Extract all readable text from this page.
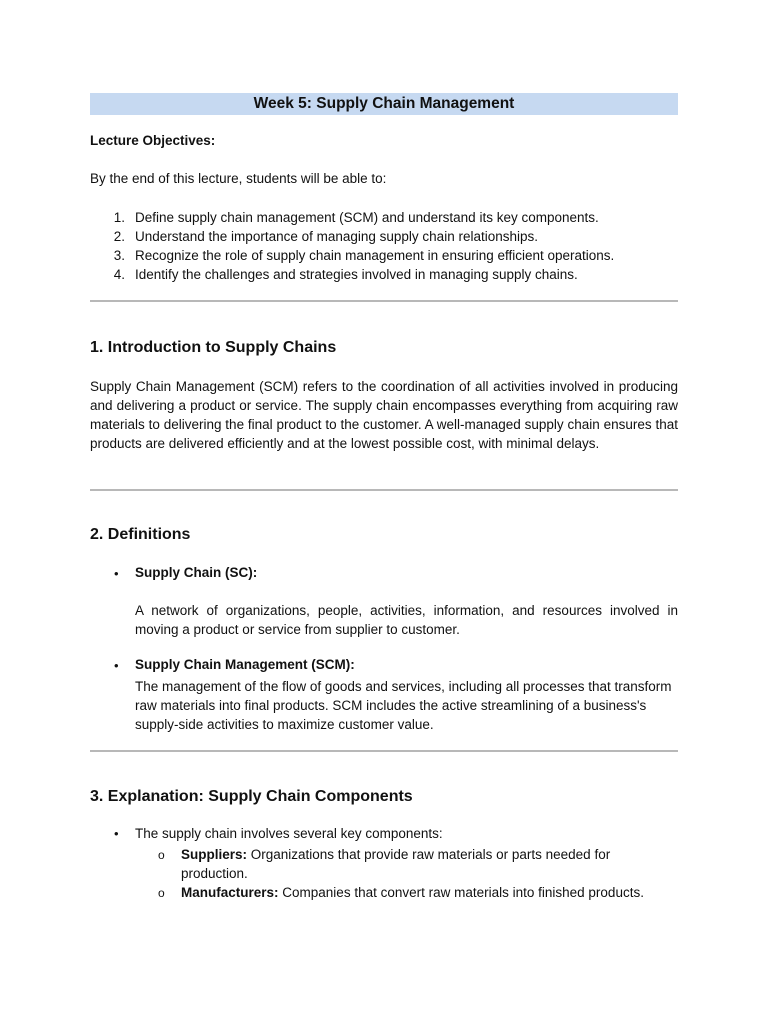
Week 5: Supply Chain Management
Lecture Objectives:
By the end of this lecture, students will be able to:
1. Define supply chain management (SCM) and understand its key components.
2. Understand the importance of managing supply chain relationships.
3. Recognize the role of supply chain management in ensuring efficient operations.
4. Identify the challenges and strategies involved in managing supply chains.
1. Introduction to Supply Chains
Supply Chain Management (SCM) refers to the coordination of all activities involved in producing and delivering a product or service. The supply chain encompasses everything from acquiring raw materials to delivering the final product to the customer. A well-managed supply chain ensures that products are delivered efficiently and at the lowest possible cost, with minimal delays.
2. Definitions
• Supply Chain (SC):
A network of organizations, people, activities, information, and resources involved in moving a product or service from supplier to customer.
• Supply Chain Management (SCM):
The management of the flow of goods and services, including all processes that transform raw materials into final products. SCM includes the active streamlining of a business's supply-side activities to maximize customer value.
3. Explanation: Supply Chain Components
• The supply chain involves several key components:
o Suppliers: Organizations that provide raw materials or parts needed for production.
o Manufacturers: Companies that convert raw materials into finished products.
